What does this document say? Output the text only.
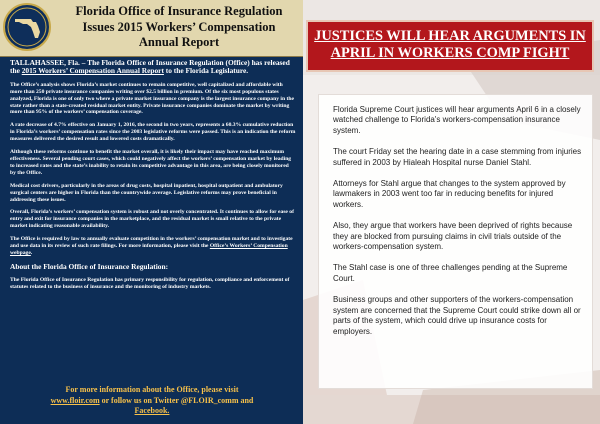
Florida Office of Insurance Regulation
Issues 2015 Workers’ Compensation
Annual Report

TALLAHASSEE, Fla. – The Florida Office of Insurance Regulation (Office) has released the 2015 Workers’ Compensation Annual Report to the Florida Legislature.

The Office’s analysis shows Florida’s market continues to remain competitive, well capitalized and affordable with more than 250 private insurance companies writing over $2.5 billion in premium. Of the six most populous states analyzed, Florida is one of only two where a private market insurance company is the largest insurance company in the state rather than a state-created residual market entity. Private insurance companies dominate the market by writing more than 95% of the workers’ compensation coverage.

A rate decrease of 4.7% effective on January 1, 2016, the second in two years, represents a 60.3% cumulative reduction in Florida’s workers’ compensation rates since the 2003 legislative reforms were passed. This is an indication the reform measures delivered the desired result and lowered costs dramatically.

Although these reforms continue to benefit the market overall, it is likely their impact may have reached maximum effectiveness. Several pending court cases, which could negatively affect the workers’ compensation market by leading to increased rates and the state’s inability to retain its competitive advantage in this area, are being closely monitored by the Office.

Medical cost drivers, particularly in the areas of drug costs, hospital inpatient, hospital outpatient and ambulatory surgical centers are higher in Florida than the countrywide average. Legislative reforms may prove beneficial in addressing these issues.

Overall, Florida’s workers’ compensation system is robust and not overly concentrated. It continues to allow for ease of entry and exit for insurance companies in the marketplace, and the residual market is small relative to the private market indicating reasonable availability.

The Office is required by law to annually evaluate competition in the workers’ compensation market and to investigate and use data in its review of such rate filings. For more information, please visit the Office’s Workers’ Compensation webpage.

About the Florida Office of Insurance Regulation:

The Florida Office of Insurance Regulation has primary responsibility for regulation, compliance and enforcement of statutes related to the business of insurance and the monitoring of industry markets.

For more information about the Office, please visit
www.floir.com or follow us on Twitter @FLOIR_comm and
Facebook.
JUSTICES WILL HEAR ARGUMENTS IN
APRIL IN WORKERS COMP FIGHT

Florida Supreme Court justices will hear arguments April 6 in a closely watched challenge to Florida's workers-compensation insurance system.

The court Friday set the hearing date in a case stemming from injuries suffered in 2003 by Hialeah Hospital nurse Daniel Stahl.

Attorneys for Stahl argue that changes to the system approved by lawmakers in 2003 went too far in reducing benefits for injured workers.

Also, they argue that workers have been deprived of rights because they are blocked from pursuing claims in civil trials outside of the workers-compensation system.

The Stahl case is one of three challenges pending at the Supreme Court.

Business groups and other supporters of the workers-compensation system are concerned that the Supreme Court could strike down all or parts of the system, which could drive up insurance costs for employers.
